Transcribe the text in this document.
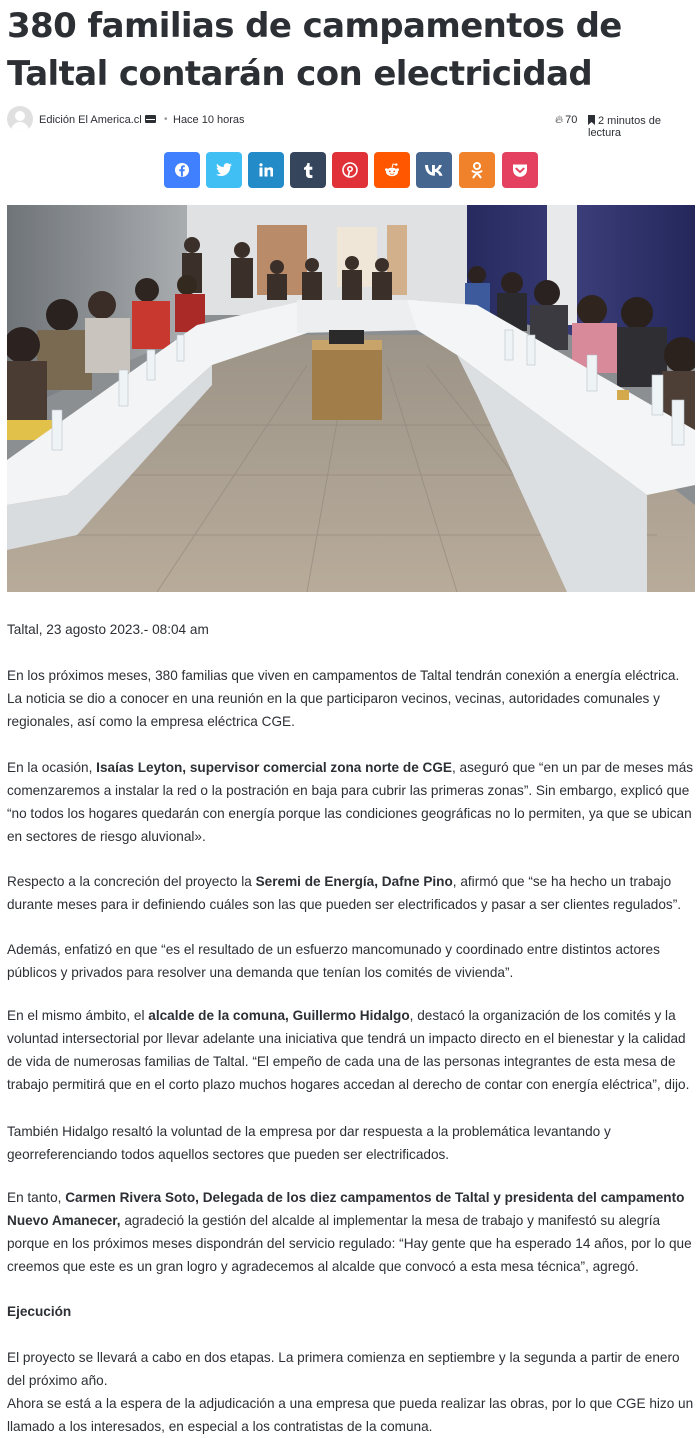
380 familias de campamentos de Taltal contarán con electricidad
Edición El America.cl • Hace 10 horas	🔥︎ 70	2 minutos de lectura

Taltal, 23 agosto 2023.- 08:04 am

En los próximos meses, 380 familias que viven en campamentos de Taltal tendrán conexión a energía eléctrica. La noticia se dio a conocer en una reunión en la que participaron vecinos, vecinas, autoridades comunales y regionales, así como la empresa eléctrica CGE.

En la ocasión, Isaías Leyton, supervisor comercial zona norte de CGE, aseguró que “en un par de meses más comenzaremos a instalar la red o la postración en baja para cubrir las primeras zonas”. Sin embargo, explicó que “no todos los hogares quedarán con energía porque las condiciones geográficas no lo permiten, ya que se ubican en sectores de riesgo aluvional».

Respecto a la concreción del proyecto la Seremi de Energía, Dafne Pino, afirmó que “se ha hecho un trabajo durante meses para ir definiendo cuáles son las que pueden ser electrificados y pasar a ser clientes regulados”.

Además, enfatizó en que “es el resultado de un esfuerzo mancomunado y coordinado entre distintos actores públicos y privados para resolver una demanda que tenían los comités de vivienda”.

En el mismo ámbito, el alcalde de la comuna, Guillermo Hidalgo, destacó la organización de los comités y la voluntad intersectorial por llevar adelante una iniciativa que tendrá un impacto directo en el bienestar y la calidad de vida de numerosas familias de Taltal. “El empeño de cada una de las personas integrantes de esta mesa de trabajo permitirá que en el corto plazo muchos hogares accedan al derecho de contar con energía eléctrica”, dijo.

También Hidalgo resaltó la voluntad de la empresa por dar respuesta a la problemática levantando y georreferenciando todos aquellos sectores que pueden ser electrificados.

En tanto, Carmen Rivera Soto, Delegada de los diez campamentos de Taltal y presidenta del campamento Nuevo Amanecer, agradeció la gestión del alcalde al implementar la mesa de trabajo y manifestó su alegría porque en los próximos meses dispondrán del servicio regulado: “Hay gente que ha esperado 14 años, por lo que creemos que este es un gran logro y agradecemos al alcalde que convocó a esta mesa técnica”, agregó.

Ejecución

El proyecto se llevará a cabo en dos etapas. La primera comienza en septiembre y la segunda a partir de enero del próximo año.

Ahora se está a la espera de la adjudicación a una empresa que pueda realizar las obras, por lo que CGE hizo un llamado a los interesados, en especial a los contratistas de la comuna.
